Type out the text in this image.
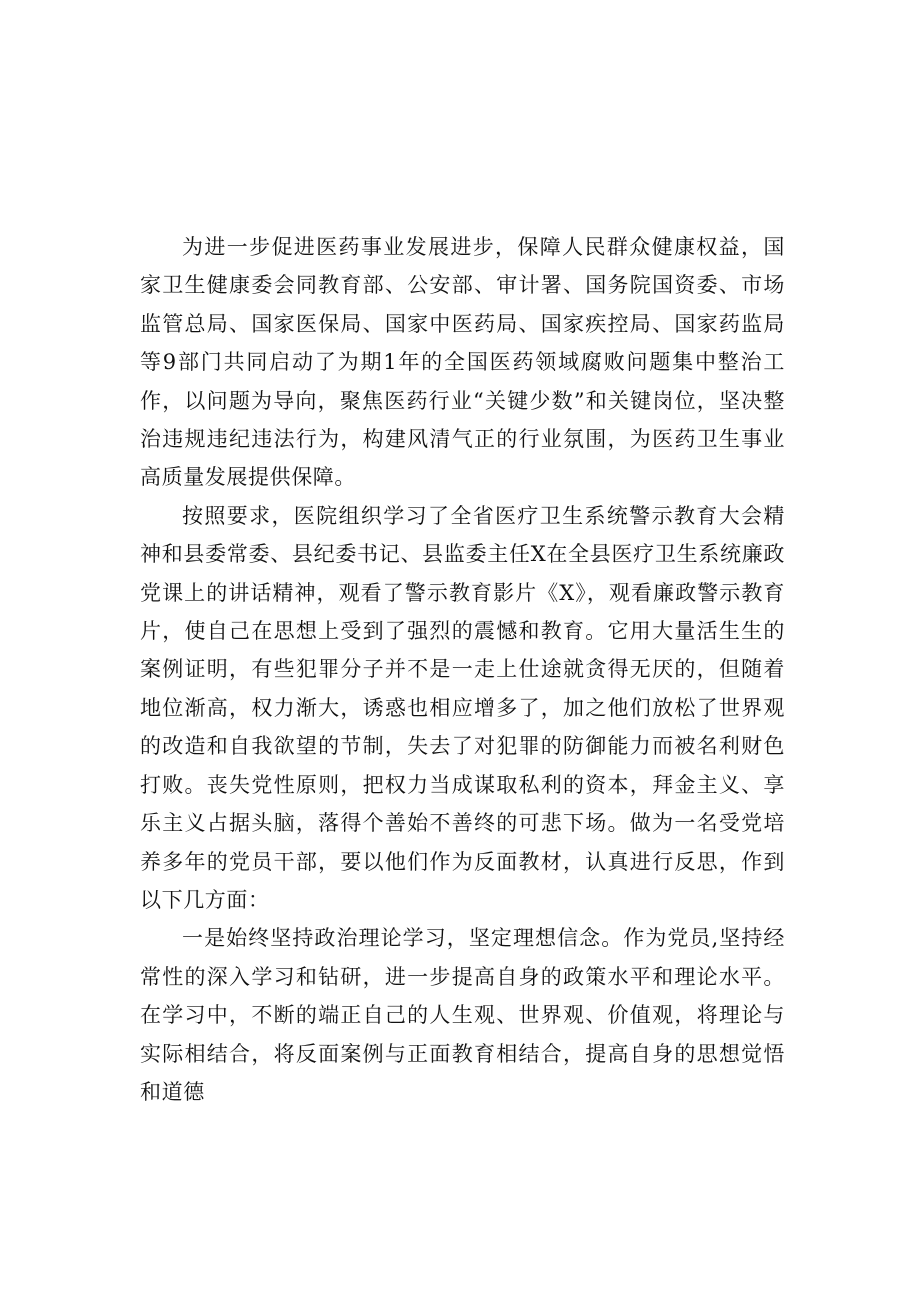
为进一步促进医药事业发展进步，保障人民群众健康权益，国家卫生健康委会同教育部、公安部、审计署、国务院国资委、市场监管总局、国家医保局、国家中医药局、国家疾控局、国家药监局等9部门共同启动了为期1年的全国医药领域腐败问题集中整治工作，以问题为导向，聚焦医药行业“关键少数”和关键岗位，坚决整治违规违纪违法行为，构建风清气正的行业氛围，为医药卫生事业高质量发展提供保障。

按照要求，医院组织学习了全省医疗卫生系统警示教育大会精神和县委常委、县纪委书记、县监委主任X在全县医疗卫生系统廉政党课上的讲话精神，观看了警示教育影片《X》，观看廉政警示教育片，使自己在思想上受到了强烈的震憾和教育。它用大量活生生的案例证明，有些犯罪分子并不是一走上仕途就贪得无厌的，但随着地位渐高，权力渐大，诱惑也相应增多了，加之他们放松了世界观的改造和自我欲望的节制，失去了对犯罪的防御能力而被名利财色打败。丧失党性原则，把权力当成谋取私利的资本，拜金主义、享乐主义占据头脑，落得个善始不善终的可悲下场。做为一名受党培养多年的党员干部，要以他们作为反面教材，认真进行反思，作到以下几方面：

一是始终坚持政治理论学习，坚定理想信念。作为党员,坚持经常性的深入学习和钻研，进一步提高自身的政策水平和理论水平。在学习中，不断的端正自己的人生观、世界观、价值观，将理论与实际相结合，将反面案例与正面教育相结合，提高自身的思想觉悟和道德
